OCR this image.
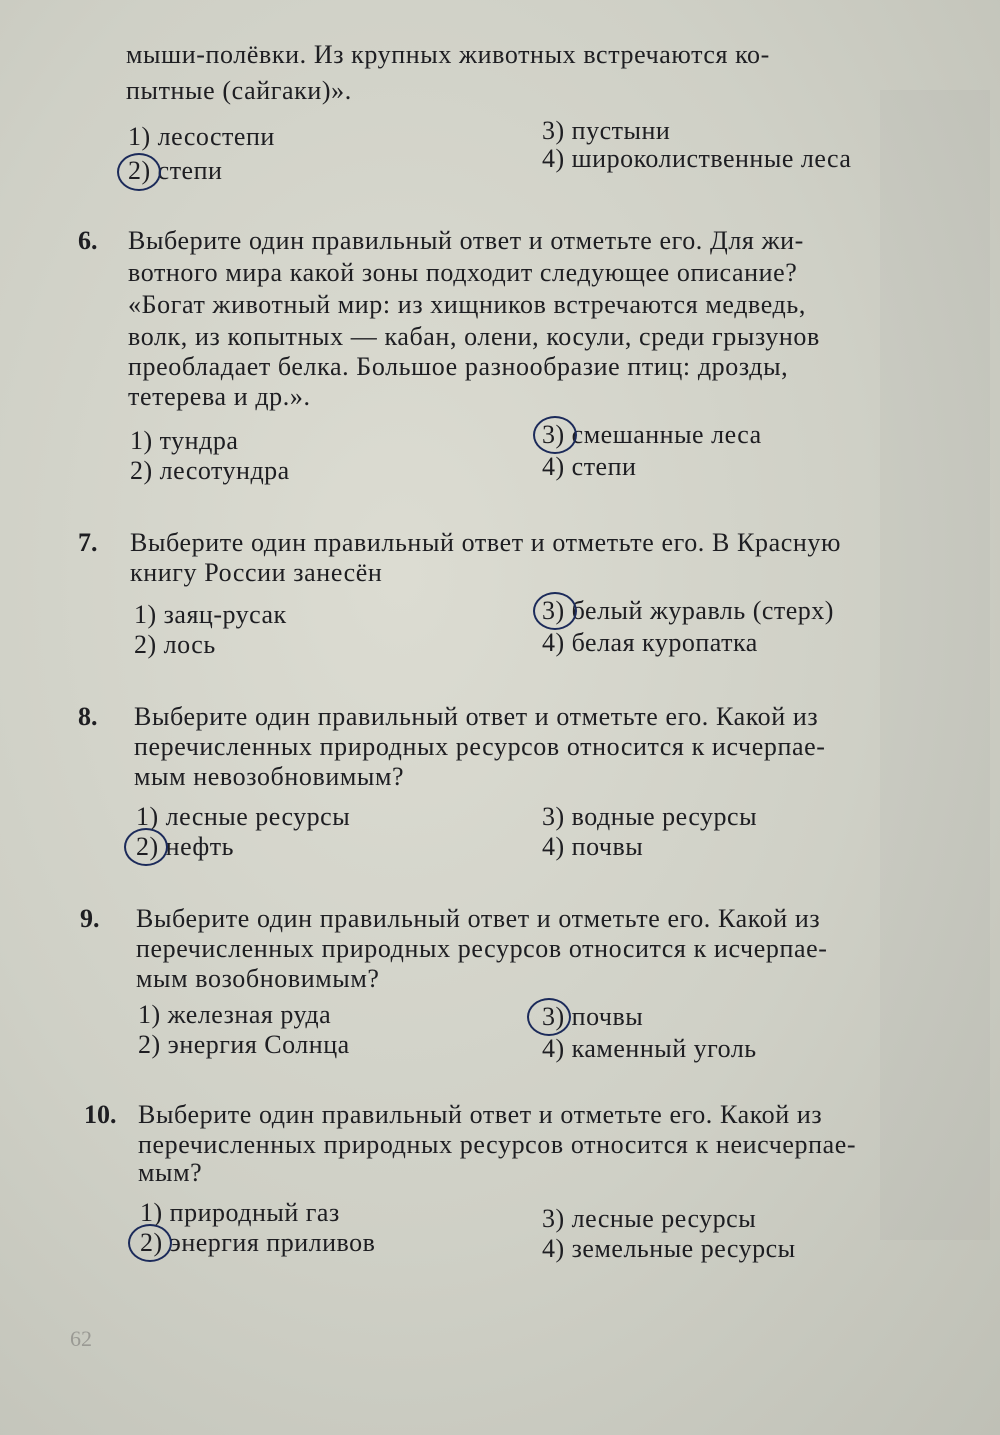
мыши-полёвки. Из крупных животных встречаются ко-
пытные (сайгаки)».
1) лесостепи
2) степи
3) пустыни
4) широколиственные леса
6. Выберите один правильный ответ и отметьте его. Для жи-
вотного мира какой зоны подходит следующее описание?
«Богат животный мир: из хищников встречаются медведь,
волк, из копытных — кабан, олени, косули, среди грызунов
преобладает белка. Большое разнообразие птиц: дрозды,
тетерева и др.».
1) тундра
2) лесотундра
3) смешанные леса
4) степи
7. Выберите один правильный ответ и отметьте его. В Красную
книгу России занесён
1) заяц-русак
2) лось
3) белый журавль (стерх)
4) белая куропатка
8. Выберите один правильный ответ и отметьте его. Какой из
перечисленных природных ресурсов относится к исчерпае-
мым невозобновимым?
1) лесные ресурсы
2) нефть
3) водные ресурсы
4) почвы
9. Выберите один правильный ответ и отметьте его. Какой из
перечисленных природных ресурсов относится к исчерпае-
мым возобновимым?
1) железная руда
2) энергия Солнца
3) почвы
4) каменный уголь
10. Выберите один правильный ответ и отметьте его. Какой из
перечисленных природных ресурсов относится к неисчерпае-
мым?
1) природный газ
2) энергия приливов
3) лесные ресурсы
4) земельные ресурсы
62
